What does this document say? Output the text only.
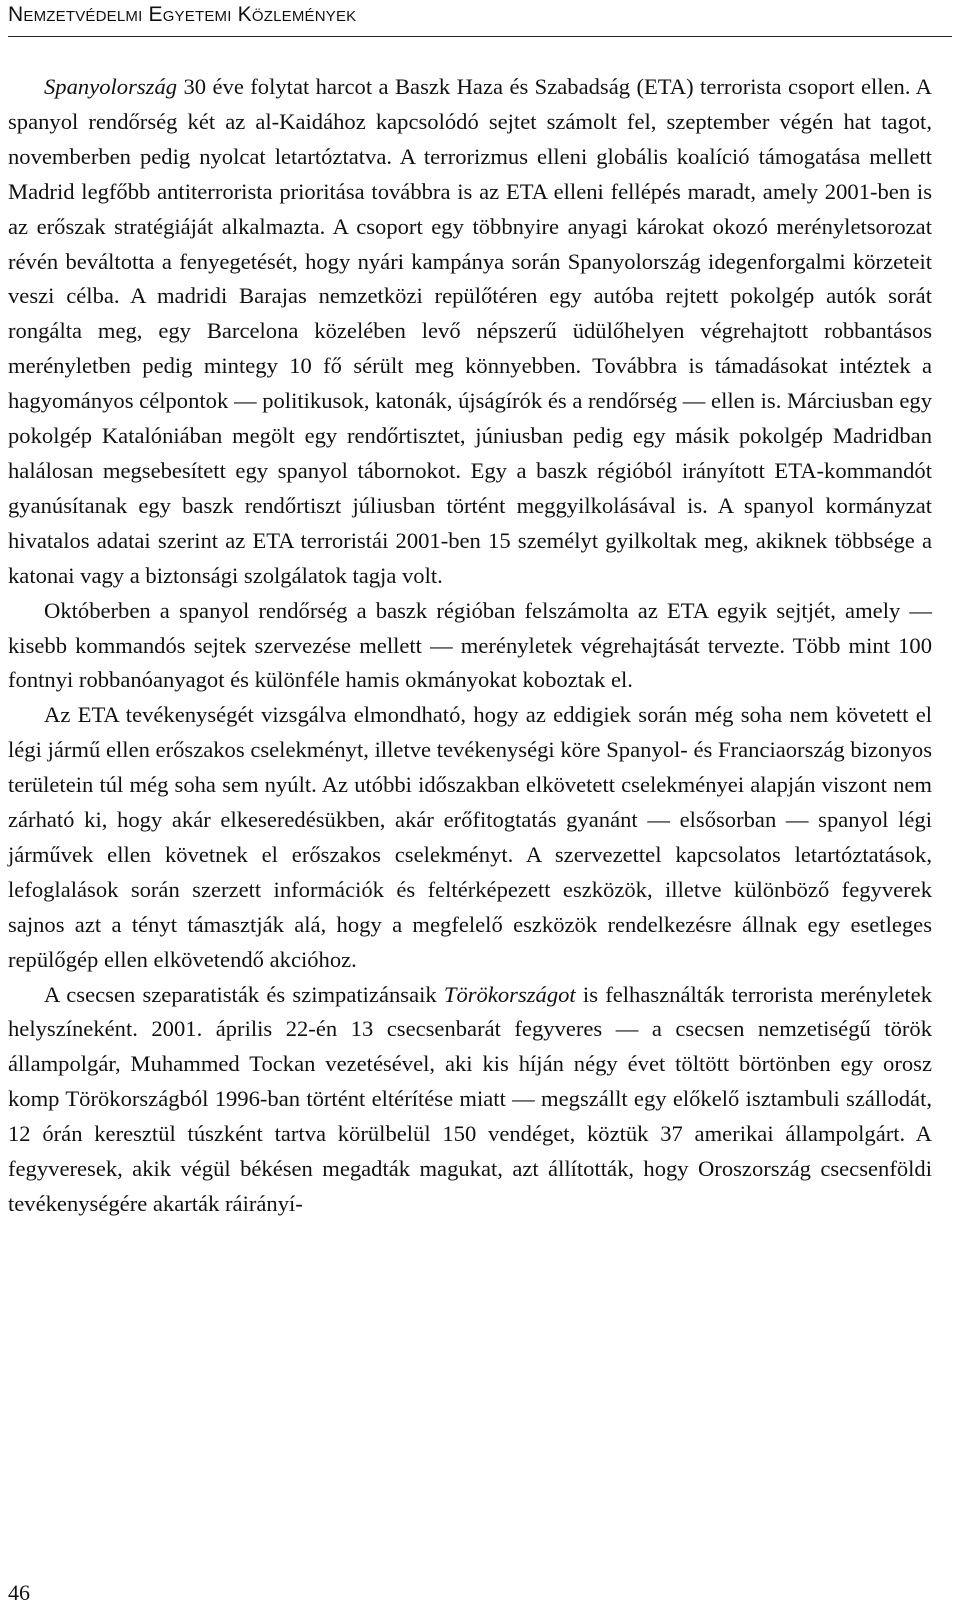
Nemzetvédelmi Egyetemi Közlemények

Spanyolország 30 éve folytat harcot a Baszk Haza és Szabadság (ETA) terrorista csoport ellen. A spanyol rendőrség két az al-Kaidához kapcsolódó sejtet számolt fel, szeptember végén hat tagot, novemberben pedig nyolcat letartóztatva. A terrorizmus elleni globális koalíció támogatása mellett Madrid legfőbb antiterrorista prioritása továbbra is az ETA elleni fellépés maradt, amely 2001-ben is az erőszak stratégiáját alkalmazta. A csoport egy többnyire anyagi károkat okozó merényletsorozat révén beváltotta a fenyegetését, hogy nyári kampánya során Spanyolország idegenforgalmi körzeteit veszi célba. A madridi Barajas nemzetközi repülőtéren egy autóba rejtett pokolgép autók sorát rongálta meg, egy Barcelona közelében levő népszerű üdülőhelyen végrehajtott robbantásos merényletben pedig mintegy 10 fő sérült meg könnyebben. Továbbra is támadásokat intéztek a hagyományos célpontok — politikusok, katonák, újságírók és a rendőrség — ellen is. Márciusban egy pokolgép Katalóniában megölt egy rendőrtisztet, júniusban pedig egy másik pokolgép Madridban halálosan megsebesített egy spanyol tábornokot. Egy a baszk régióból irányított ETA-kommandót gyanúsítanak egy baszk rendőrtiszt júliusban történt meggyilkolásával is. A spanyol kormányzat hivatalos adatai szerint az ETA terroristái 2001-ben 15 személyt gyilkoltak meg, akiknek többsége a katonai vagy a biztonsági szolgálatok tagja volt.

Októberben a spanyol rendőrség a baszk régióban felszámolta az ETA egyik sejtjét, amely — kisebb kommandós sejtek szervezése mellett — merényletek végrehajtását tervezte. Több mint 100 fontnyi robbanóanyagot és különféle hamis okmányokat koboztak el.

Az ETA tevékenységét vizsgálva elmondható, hogy az eddigiek során még soha nem követett el légi jármű ellen erőszakos cselekményt, illetve tevékenységi köre Spanyol- és Franciaország bizonyos területein túl még soha sem nyúlt. Az utóbbi időszakban elkövetett cselekményei alapján viszont nem zárható ki, hogy akár elkeseredésükben, akár erőfitogtatás gyanánt — elsősorban — spanyol légi járművek ellen követnek el erőszakos cselekményt. A szervezettel kapcsolatos letartóztatások, lefoglalások során szerzett információk és feltérképezett eszközök, illetve különböző fegyverek sajnos azt a tényt támasztják alá, hogy a megfelelő eszközök rendelkezésre állnak egy esetleges repülőgép ellen elkövetendő akcióhoz.

A csecsen szeparatisták és szimpatizánsaik Törökországot is felhasználták terrorista merényletek helyszíneként. 2001. április 22-én 13 csecsenbarát fegyveres — a csecsen nemzetiségű török állampolgár, Muhammed Tockan vezetésével, aki kis híján négy évet töltött börtönben egy orosz komp Törökországból 1996-ban történt eltérítése miatt — megszállt egy előkelő isztambuli szállodát, 12 órán keresztül túszként tartva körülbelül 150 vendéget, köztük 37 amerikai állampolgárt. A fegyveresek, akik végül békésen megadták magukat, azt állították, hogy Oroszország csecsenföldi tevékenységére akarták ráirányí-

46
